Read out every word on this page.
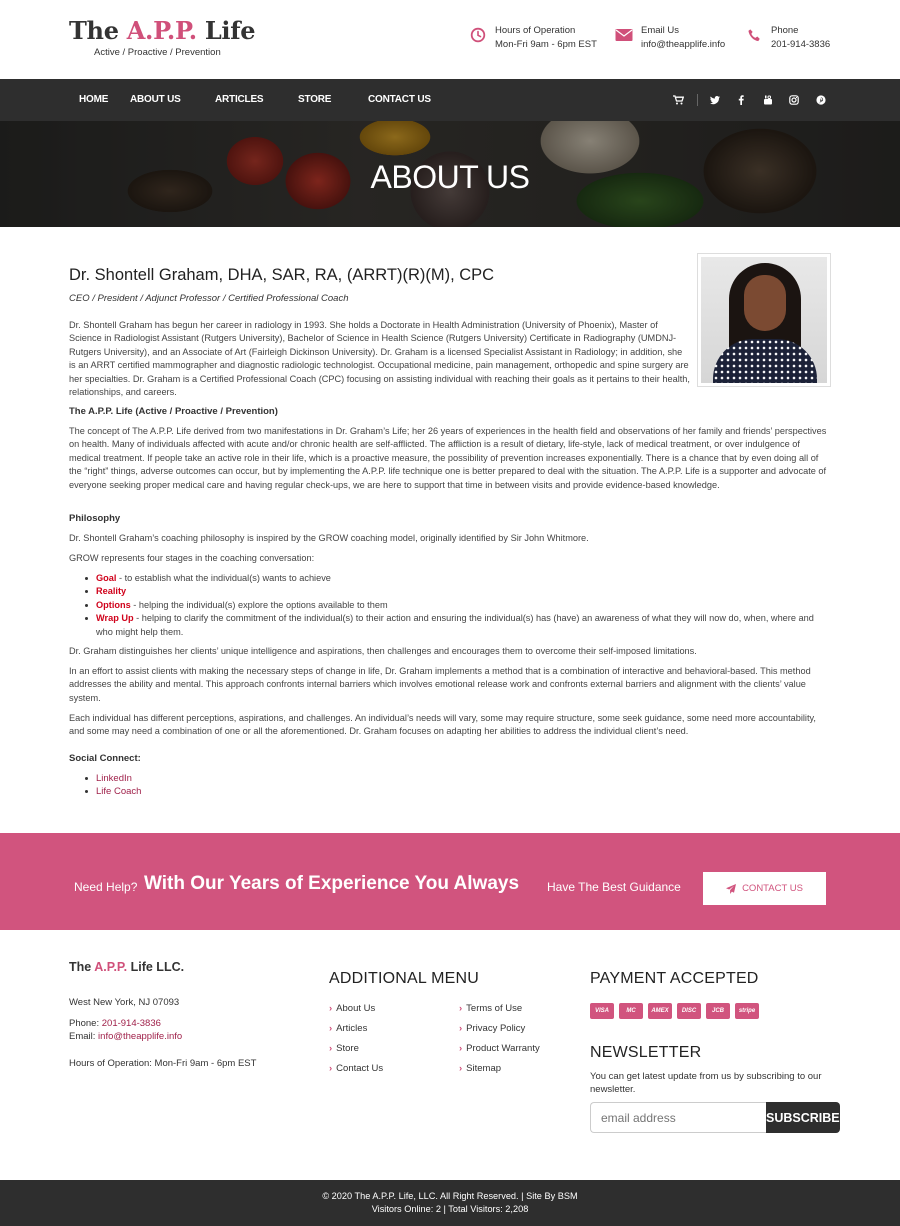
The A.P.P. Life
Active / Proactive / Prevention
Hours of Operation
Mon-Fri 9am - 6pm EST
Email Us
info@theapplife.info
Phone
201-914-3836
HOME ABOUT US	ARTICLES	STORE	CONTACT US
ABOUT US
Dr. Shontell Graham, DHA, SAR, RA, (ARRT)(R)(M), CPC
CEO / President / Adjunct Professor / Certified Professional Coach
Dr. Shontell Graham has begun her career in radiology in 1993. She holds a Doctorate in Health Administration (University of Phoenix), Master of Science in Radiologist Assistant (Rutgers University), Bachelor of Science in Health Science (Rutgers University) Certificate in Radiography (UMDNJ-Rutgers University), and an Associate of Art (Fairleigh Dickinson University). Dr. Graham is a licensed Specialist Assistant in Radiology; in addition, she is an ARRT certified mammographer and diagnostic radiologic technologist. Occupational medicine, pain management, orthopedic and spine surgery are her specialties. Dr. Graham is a Certified Professional Coach (CPC) focusing on assisting individual with reaching their goals as it pertains to their health, relationships, and careers.
The A.P.P. Life (Active / Proactive / Prevention)
The concept of The A.P.P. Life derived from two manifestations in Dr. Graham’s Life; her 26 years of experiences in the health field and observations of her family and friends’ perspectives on health. Many of individuals affected with acute and/or chronic health are self-afflicted. The affliction is a result of dietary, life-style, lack of medical treatment, or over indulgence of medical treatment. If people take an active role in their life, which is a proactive measure, the possibility of prevention increases exponentially. There is a chance that by even doing all of the “right” things, adverse outcomes can occur, but by implementing the A.P.P. life technique one is better prepared to deal with the situation. The A.P.P. Life is a supporter and advocate of everyone seeking proper medical care and having regular check-ups, we are here to support that time in between visits and provide evidence-based knowledge.
Philosophy
Dr. Shontell Graham’s coaching philosophy is inspired by the GROW coaching model, originally identified by Sir John Whitmore.
GROW represents four stages in the coaching conversation:
Goal - to establish what the individual(s) wants to achieve
Reality
Options - helping the individual(s) explore the options available to them
Wrap Up - helping to clarify the commitment of the individual(s) to their action and ensuring the individual(s) has (have) an awareness of what they will now do, when, where and who might help them.
Dr. Graham distinguishes her clients’ unique intelligence and aspirations, then challenges and encourages them to overcome their self-imposed limitations.
In an effort to assist clients with making the necessary steps of change in life, Dr. Graham implements a method that is a combination of interactive and behavioral-based. This method addresses the ability and mental. This approach confronts internal barriers which involves emotional release work and confronts external barriers and alignment with the clients’ value system.
Each individual has different perceptions, aspirations, and challenges. An individual’s needs will vary, some may require structure, some seek guidance, some need more accountability, and some may need a combination of one or all the aforementioned. Dr. Graham focuses on adapting her abilities to address the individual client’s need.
Social Connect:
LinkedIn
Life Coach
Need Help? With Our Years of Experience You Always Have The Best Guidance	CONTACT US
The A.P.P. Life LLC.
West New York, NJ 07093
Phone: 201-914-3836
Email: info@theapplife.info
Hours of Operation: Mon-Fri 9am - 6pm EST
ADDITIONAL MENU
› About Us
› Articles
› Store
› Contact Us
› Terms of Use
› Privacy Policy
› Product Warranty
› Sitemap
PAYMENT ACCEPTED
VISA	MC	AMEX	DISC	JCB	stripe
NEWSLETTER
You can get latest update from us by subscribing to our newsletter.
email address
SUBSCRIBE
© 2020 The A.P.P. Life, LLC. All Right Reserved. | Site By BSM
Visitors Online: 2 | Total Visitors: 2,208
